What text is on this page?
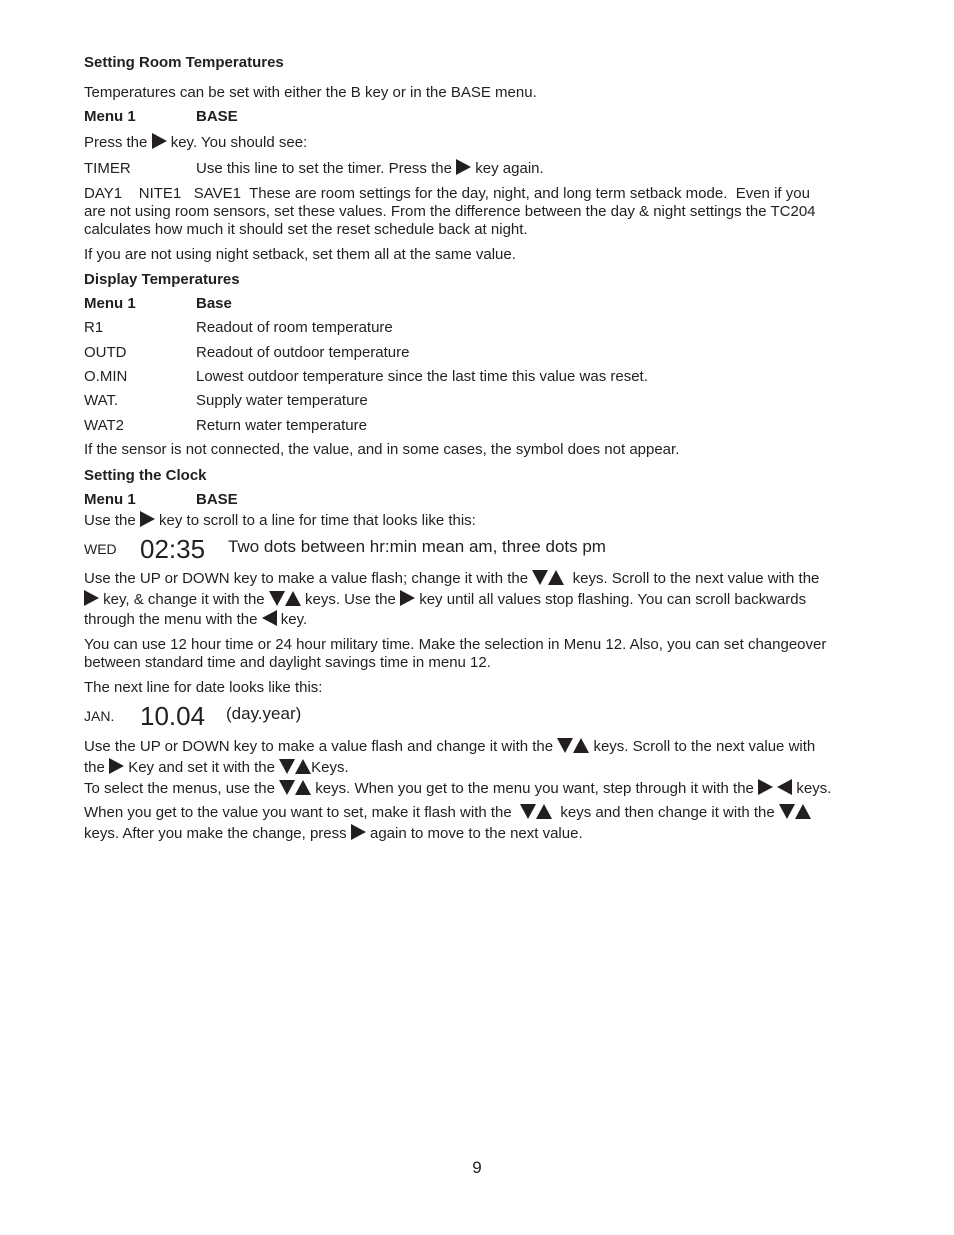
Setting Room Temperatures
Temperatures can be set with either the B key or in the BASE menu.
Menu 1	BASE
Press the key. You should see:
TIMER	Use this line to set the timer. Press the key again.
DAY1    NITE1   SAVE1  These are room settings for the day, night, and long term setback mode.  Even if you
are not using room sensors, set these values. From the difference between the day & night settings the TC204
calculates how much it should set the reset schedule back at night.
If you are not using night setback, set them all at the same value.
Display Temperatures
Menu 1	Base
R1	Readout of room temperature
OUTD	Readout of outdoor temperature
O.MIN	Lowest outdoor temperature since the last time this value was reset.
WAT.	Supply water temperature
WAT2	Return water temperature
If the sensor is not connected, the value, and in some cases, the symbol does not appear.
Setting the Clock
Menu 1	BASE
Use the key to scroll to a line for time that looks like this:
WED 02:35 Two dots between hr:min mean am, three dots pm
Use the UP or DOWN key to make a value flash; change it with the	keys. Scroll to the next value with the
key, & change it with the	keys. Use the key until all values stop flashing. You can scroll backwards
through the menu with the key.
You can use 12 hour time or 24 hour military time. Make the selection in Menu 12. Also, you can set changeover
between standard time and daylight savings time in menu 12.
The next line for date looks like this:
JAN. 10.04 (day.year)
Use the UP or DOWN key to make a value flash and change it with the	keys. Scroll to the next value with
the Key and set it with the Keys.
To select the menus, use the	keys. When you get to the menu you want, step through it with the	keys.
When you get to the value you want to set, make it flash with the	keys and then change it with the
keys. After you make the change, press again to move to the next value.
9
